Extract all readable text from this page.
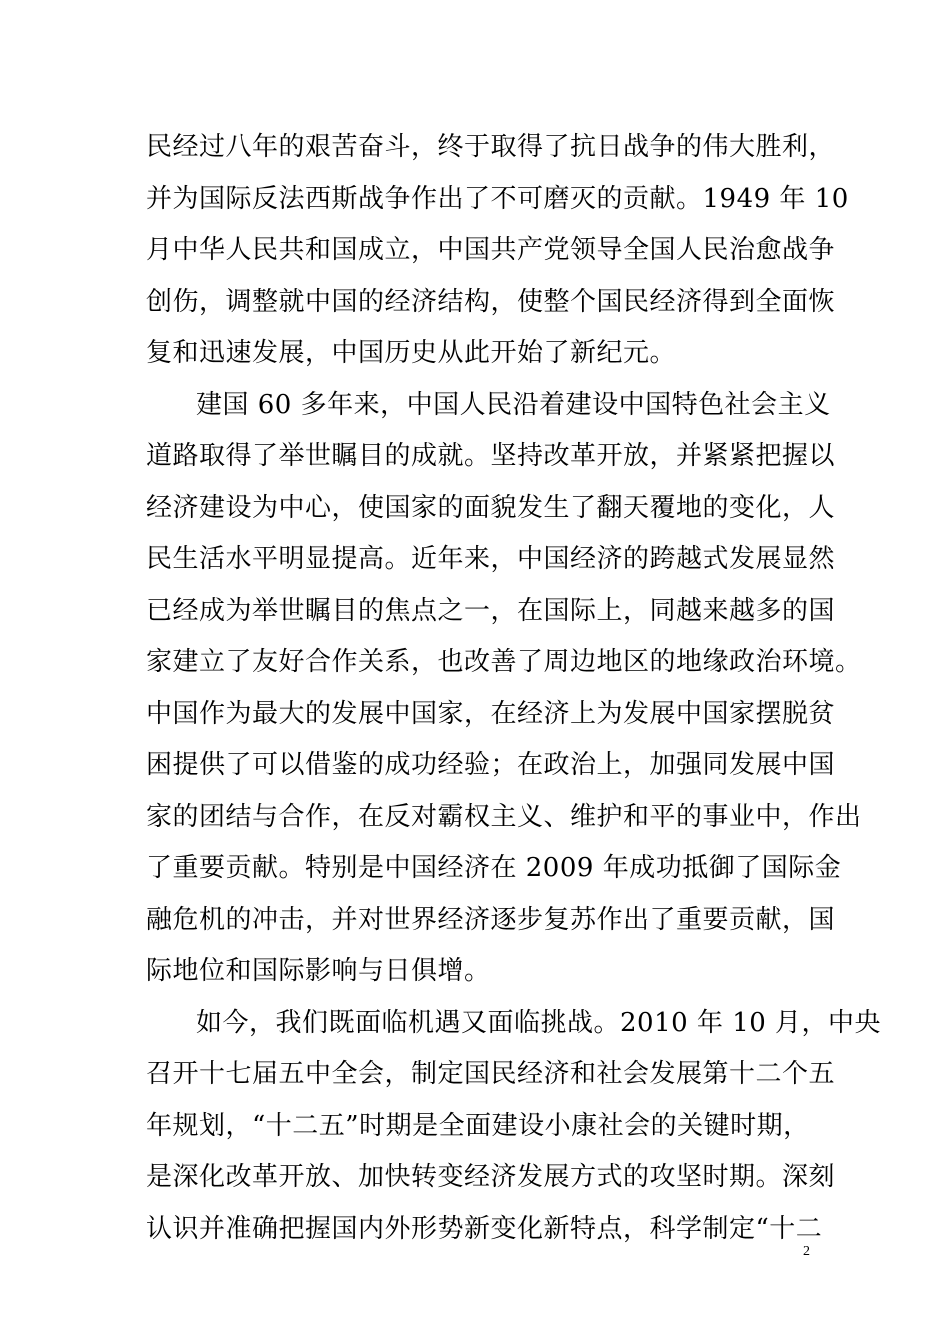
民经过八年的艰苦奋斗，终于取得了抗日战争的伟大胜利，
并为国际反法西斯战争作出了不可磨灭的贡献。1949 年 10
月中华人民共和国成立，中国共产党领导全国人民治愈战争
创伤，调整就中国的经济结构，使整个国民经济得到全面恢
复和迅速发展，中国历史从此开始了新纪元。
建国 60 多年来，中国人民沿着建设中国特色社会主义
道路取得了举世瞩目的成就。坚持改革开放，并紧紧把握以
经济建设为中心，使国家的面貌发生了翻天覆地的变化，人
民生活水平明显提高。近年来，中国经济的跨越式发展显然
已经成为举世瞩目的焦点之一，在国际上，同越来越多的国
家建立了友好合作关系，也改善了周边地区的地缘政治环境。
中国作为最大的发展中国家，在经济上为发展中国家摆脱贫
困提供了可以借鉴的成功经验；在政治上，加强同发展中国
家的团结与合作，在反对霸权主义、维护和平的事业中，作出
了重要贡献。特别是中国经济在 2009 年成功抵御了国际金
融危机的冲击，并对世界经济逐步复苏作出了重要贡献，国
际地位和国际影响与日俱增。
如今，我们既面临机遇又面临挑战。2010 年 10 月，中央
召开十七届五中全会，制定国民经济和社会发展第十二个五
年规划，“十二五”时期是全面建设小康社会的关键时期，
是深化改革开放、加快转变经济发展方式的攻坚时期。深刻
认识并准确把握国内外形势新变化新特点，科学制定“十二
2
